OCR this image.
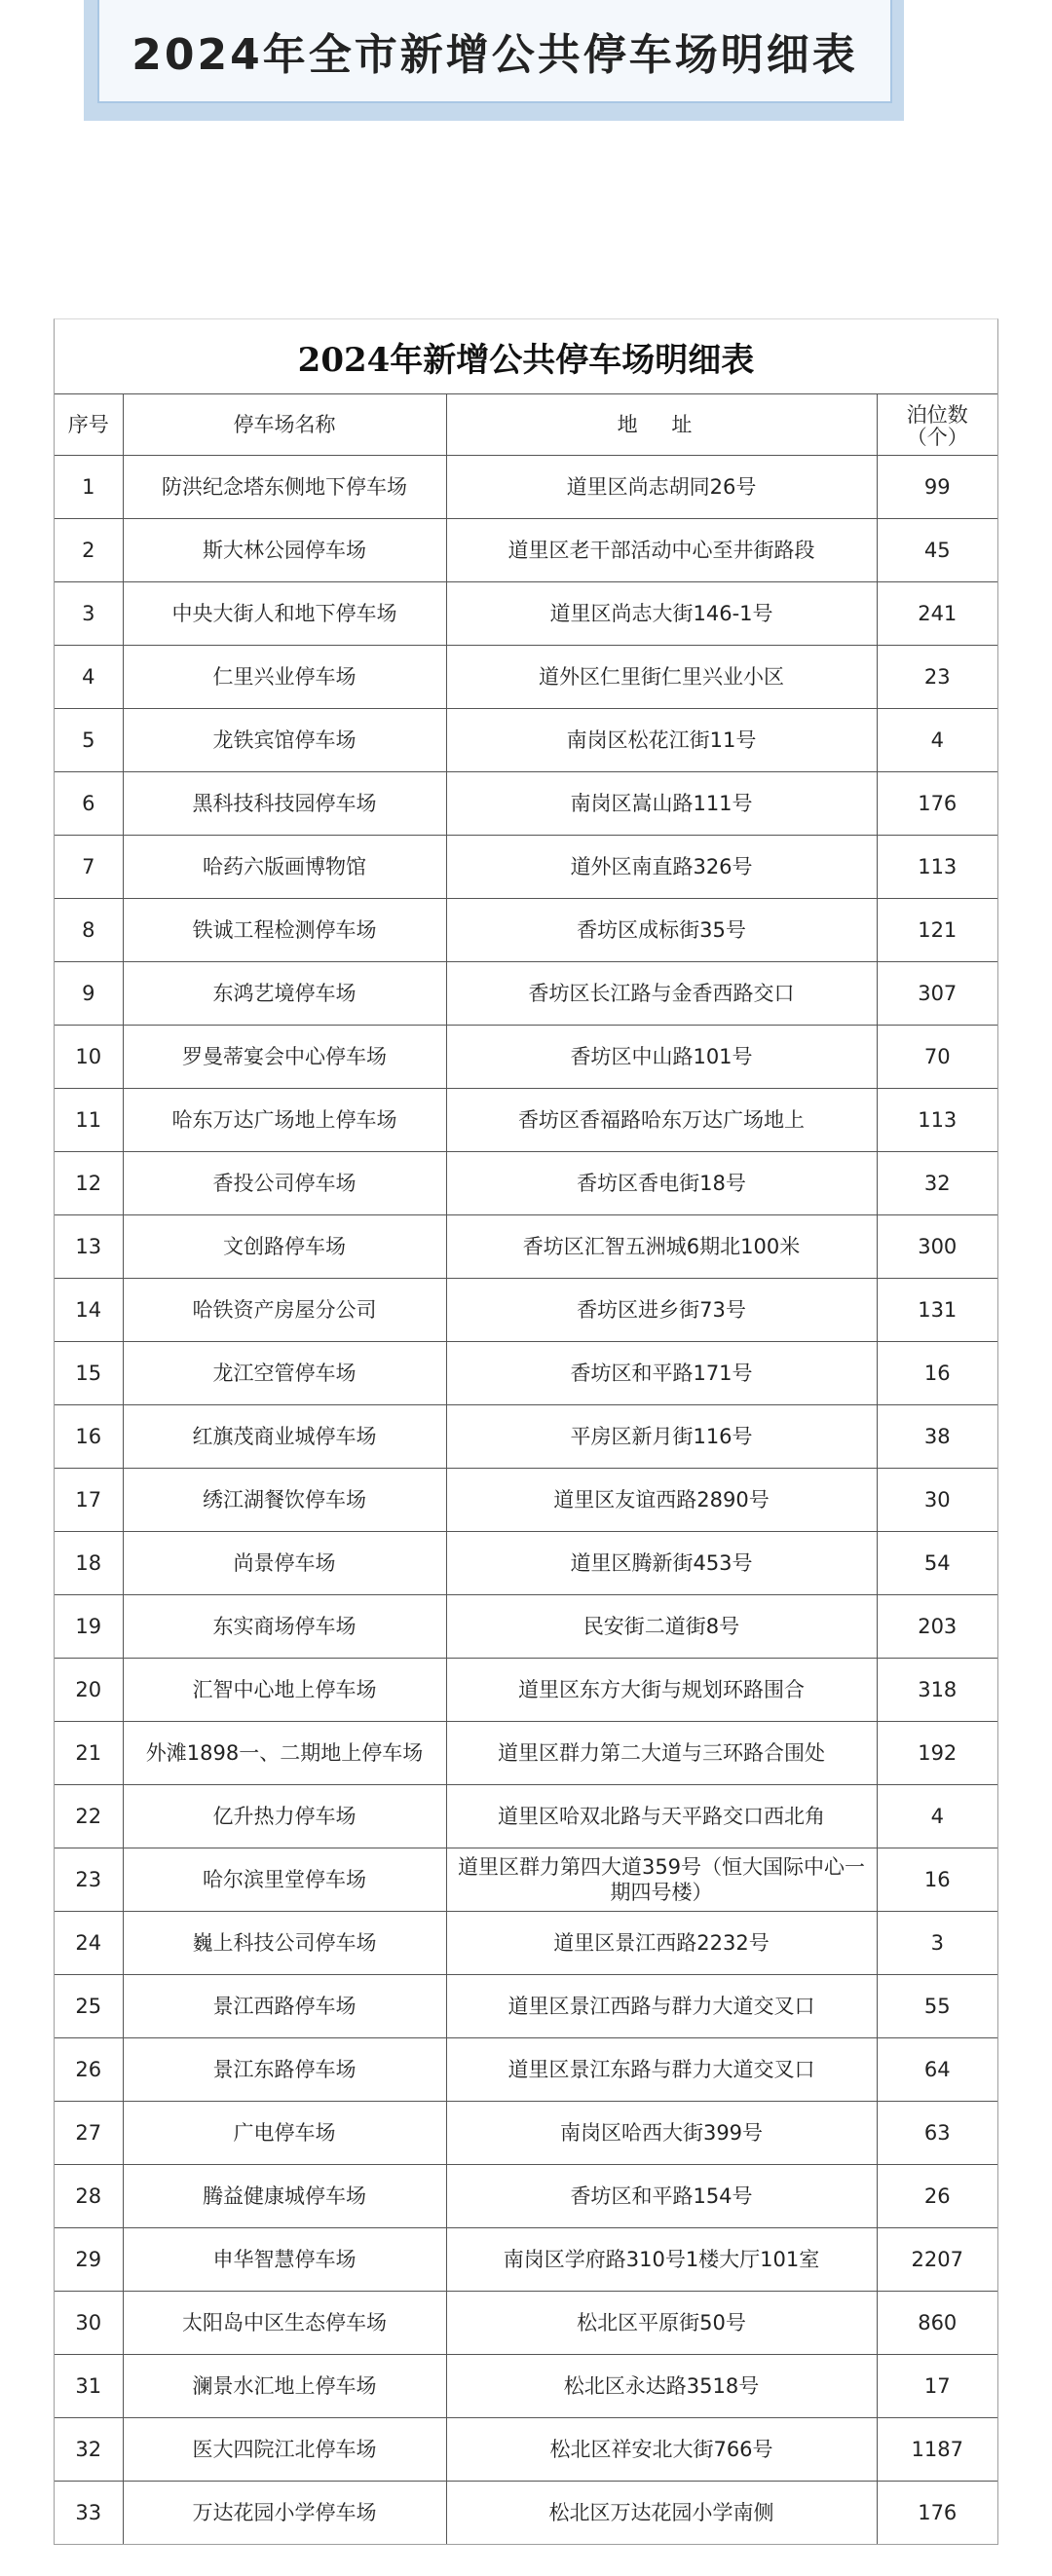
2024年全市新增公共停车场明细表
2024年新增公共停车场明细表
序号	停车场名称	地 址	泊位数
（个）

1	防洪纪念塔东侧地下停车场	道里区尚志胡同26号	99
2	斯大林公园停车场	道里区老干部活动中心至井街路段	45
3	中央大街人和地下停车场	道里区尚志大街146-1号	241
4	仁里兴业停车场	道外区仁里街仁里兴业小区	23
5	龙铁宾馆停车场	南岗区松花江街11号	4
6	黑科技科技园停车场	南岗区嵩山路111号	176
7	哈药六版画博物馆	道外区南直路326号	113
8	铁诚工程检测停车场	香坊区成标街35号	121
9	东鸿艺境停车场	香坊区长江路与金香西路交口	307
10	罗曼蒂宴会中心停车场	香坊区中山路101号	70
11	哈东万达广场地上停车场	香坊区香福路哈东万达广场地上	113
12	香投公司停车场	香坊区香电街18号	32
13	文创路停车场	香坊区汇智五洲城6期北100米	300
14	哈铁资产房屋分公司	香坊区进乡街73号	131
15	龙江空管停车场	香坊区和平路171号	16
16	红旗茂商业城停车场	平房区新月街116号	38
17	绣江湖餐饮停车场	道里区友谊西路2890号	30
18	尚景停车场	道里区腾新街453号	54
19	东实商场停车场	民安街二道街8号	203
20	汇智中心地上停车场	道里区东方大街与规划环路围合	318
21	外滩1898一、二期地上停车场	道里区群力第二大道与三环路合围处	192
22	亿升热力停车场	道里区哈双北路与天平路交口西北角	4
23	哈尔滨里堂停车场	道里区群力第四大道359号（恒大国际中心一期四号楼）	16
24	巍上科技公司停车场	道里区景江西路2232号	3
25	景江西路停车场	道里区景江西路与群力大道交叉口	55
26	景江东路停车场	道里区景江东路与群力大道交叉口	64
27	广电停车场	南岗区哈西大街399号	63
28	腾益健康城停车场	香坊区和平路154号	26
29	申华智慧停车场	南岗区学府路310号1楼大厅101室	2207
30	太阳岛中区生态停车场	松北区平原街50号	860
31	澜景水汇地上停车场	松北区永达路3518号	17
32	医大四院江北停车场	松北区祥安北大街766号	1187
33	万达花园小学停车场	松北区万达花园小学南侧	176
